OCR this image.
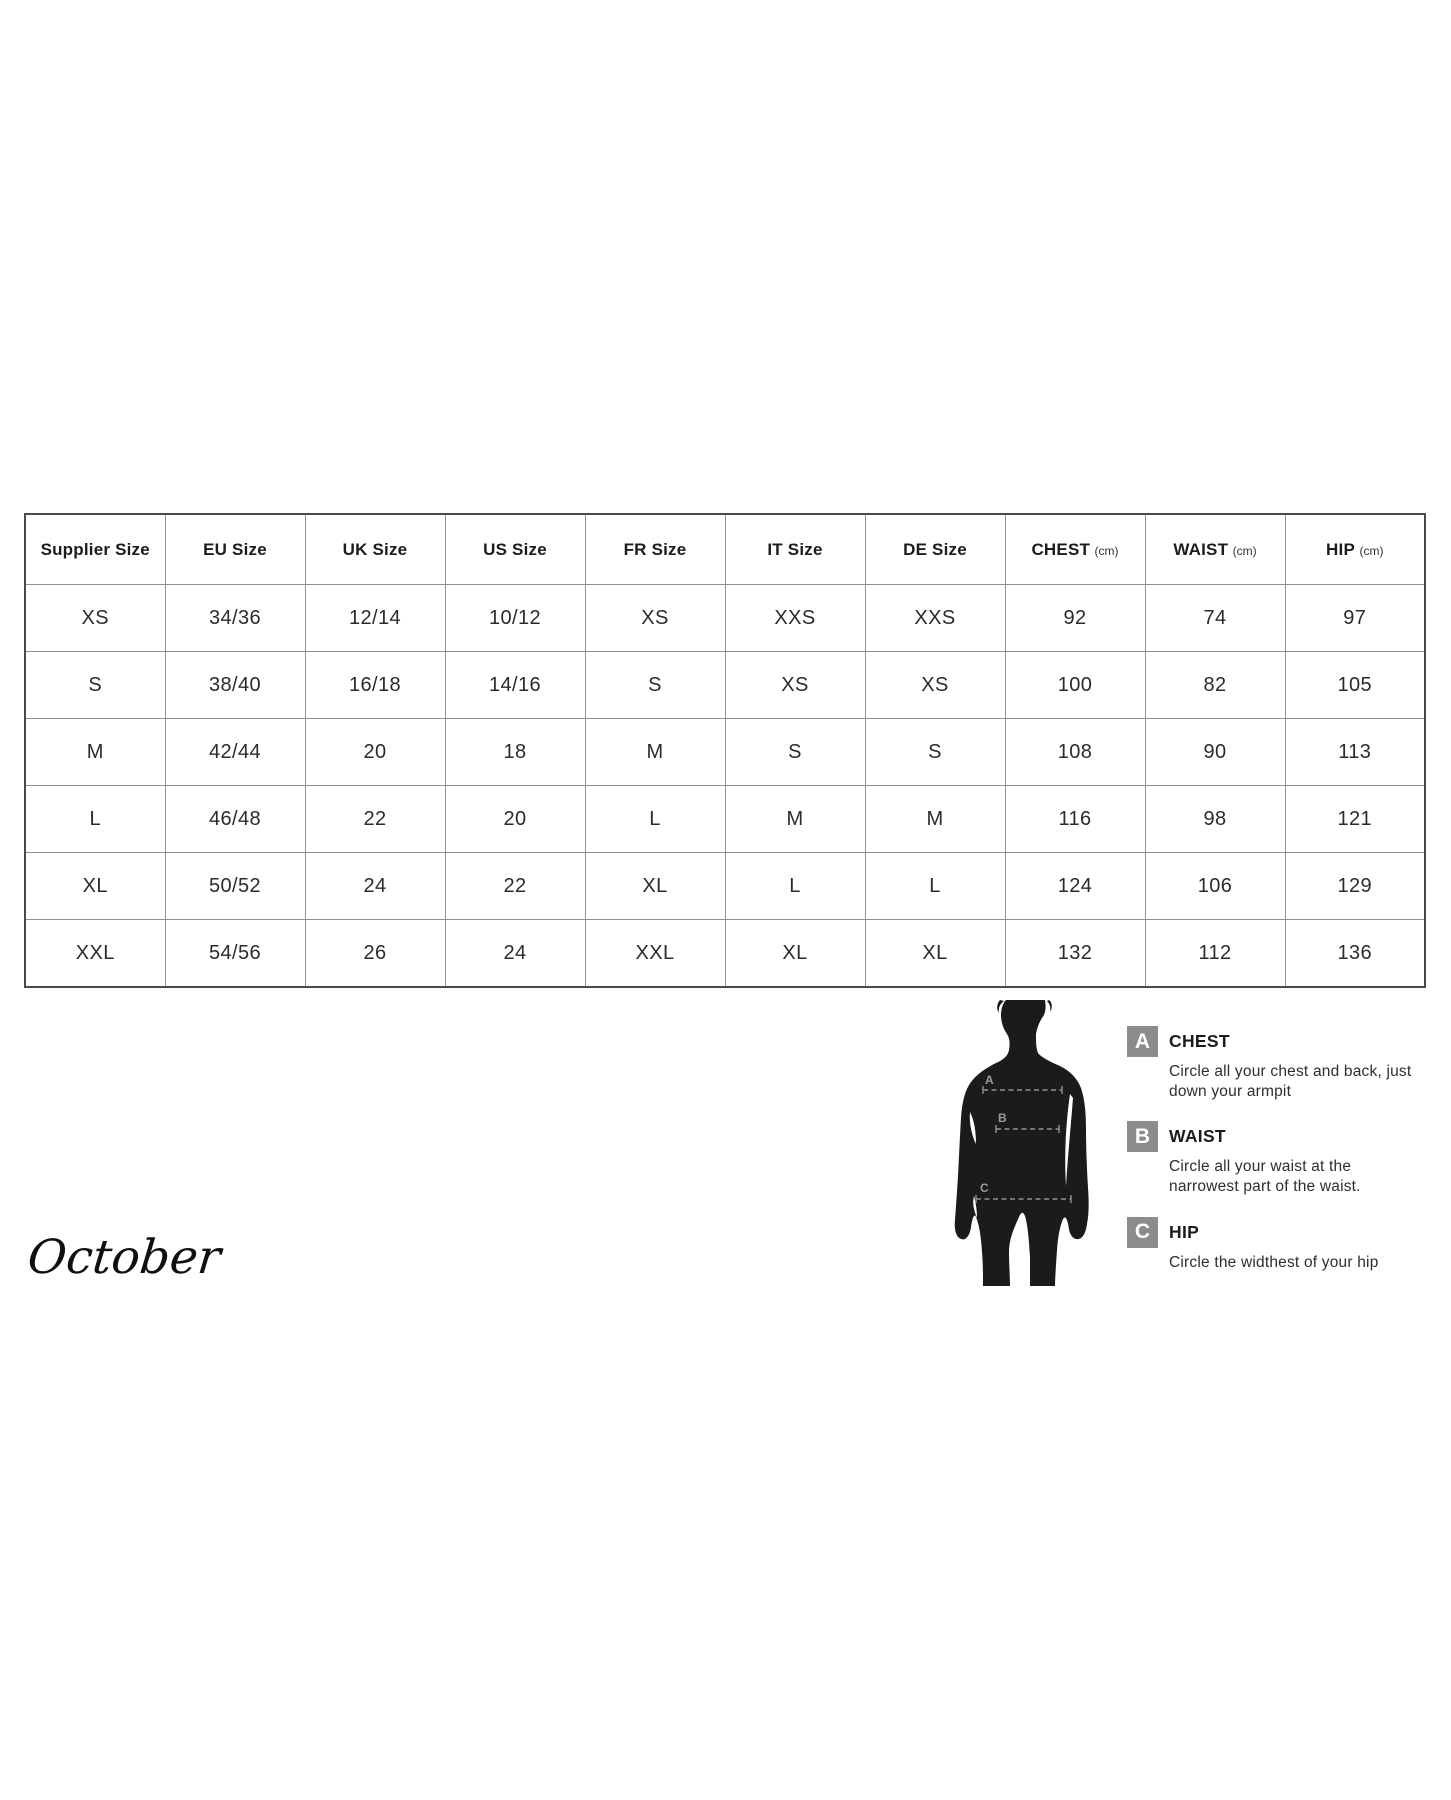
Supplier Size	EU Size	UK Size	US Size	FR Size	IT Size	DE Size	CHEST (cm)	WAIST (cm)	HIP (cm)
XS	34/36	12/14	10/12	XS	XXS	XXS	92	74	97
S	38/40	16/18	14/16	S	XS	XS	100	82	105
M	42/44	20	18	M	S	S	108	90	113
L	46/48	22	20	L	M	M	116	98	121
XL	50/52	24	22	XL	L	L	124	106	129
XXL	54/56	26	24	XXL	XL	XL	132	112	136
A
B
C
A	CHEST
Circle all your chest and back, just
down your armpit
B	WAIST
Circle all your waist at the
narrowest part of the waist.
C	HIP
Circle the widthest of your hip
October
